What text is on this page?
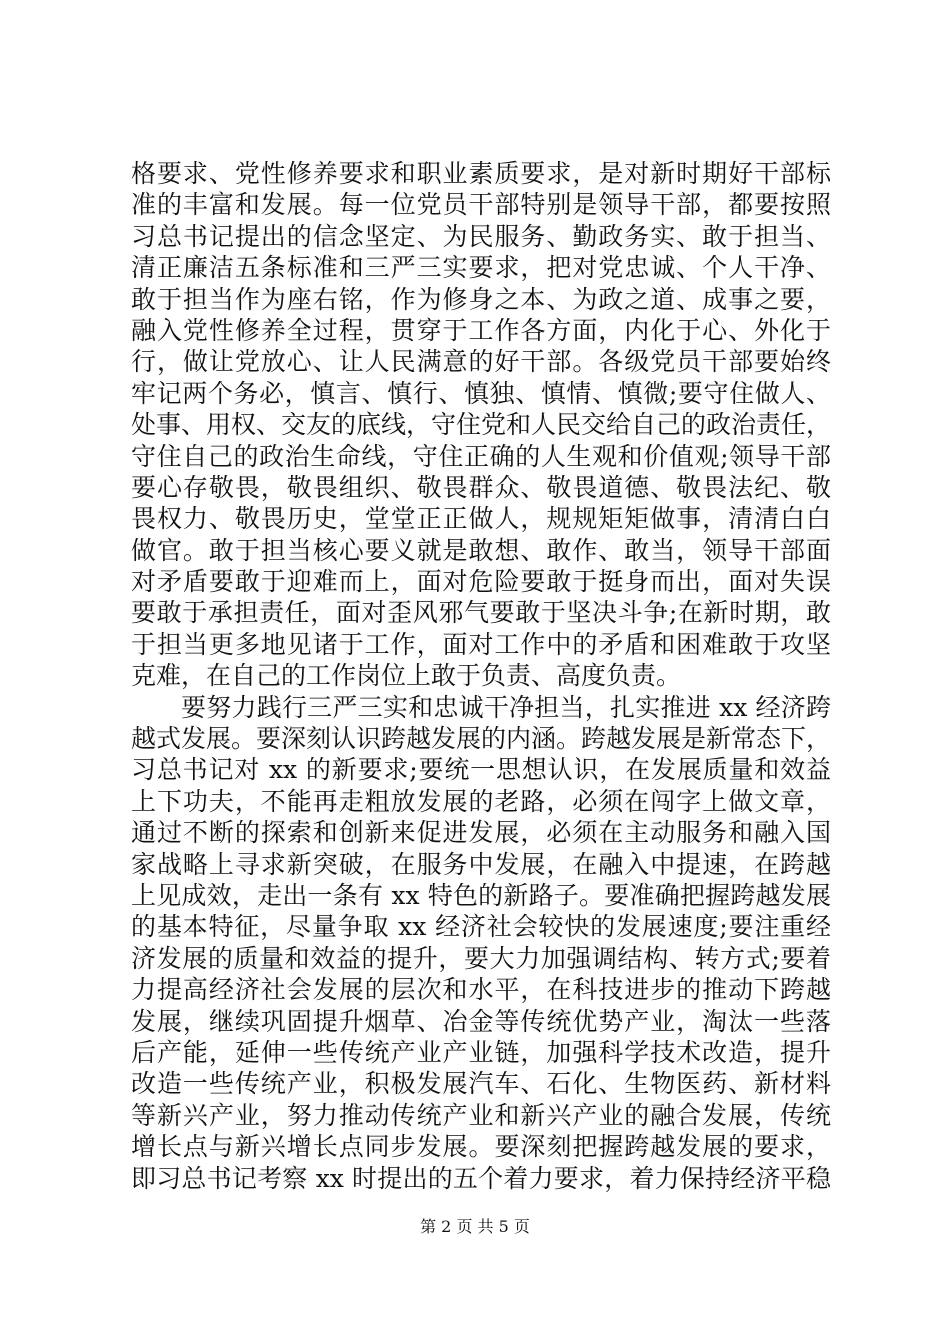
格要求、党性修养要求和职业素质要求，是对新时期好干部标
准的丰富和发展。每一位党员干部特别是领导干部，都要按照
习总书记提出的信念坚定、为民服务、勤政务实、敢于担当、
清正廉洁五条标准和三严三实要求，把对党忠诚、个人干净、
敢于担当作为座右铭，作为修身之本、为政之道、成事之要，
融入党性修养全过程，贯穿于工作各方面，内化于心、外化于
行，做让党放心、让人民满意的好干部。各级党员干部要始终
牢记两个务必，慎言、慎行、慎独、慎情、慎微;要守住做人、
处事、用权、交友的底线，守住党和人民交给自己的政治责任，
守住自己的政治生命线，守住正确的人生观和价值观;领导干部
要心存敬畏，敬畏组织、敬畏群众、敬畏道德、敬畏法纪、敬
畏权力、敬畏历史，堂堂正正做人，规规矩矩做事，清清白白
做官。敢于担当核心要义就是敢想、敢作、敢当，领导干部面
对矛盾要敢于迎难而上，面对危险要敢于挺身而出，面对失误
要敢于承担责任，面对歪风邪气要敢于坚决斗争;在新时期，敢
于担当更多地见诸于工作，面对工作中的矛盾和困难敢于攻坚
克难，在自己的工作岗位上敢于负责、高度负责。
要努力践行三严三实和忠诚干净担当，扎实推进 xx 经济跨
越式发展。要深刻认识跨越发展的内涵。跨越发展是新常态下，
习总书记对 xx 的新要求;要统一思想认识，在发展质量和效益
上下功夫，不能再走粗放发展的老路，必须在闯字上做文章，
通过不断的探索和创新来促进发展，必须在主动服务和融入国
家战略上寻求新突破，在服务中发展，在融入中提速，在跨越
上见成效，走出一条有 xx 特色的新路子。要准确把握跨越发展
的基本特征，尽量争取 xx 经济社会较快的发展速度;要注重经
济发展的质量和效益的提升，要大力加强调结构、转方式;要着
力提高经济社会发展的层次和水平，在科技进步的推动下跨越
发展，继续巩固提升烟草、冶金等传统优势产业，淘汰一些落
后产能，延伸一些传统产业产业链，加强科学技术改造，提升
改造一些传统产业，积极发展汽车、石化、生物医药、新材料
等新兴产业，努力推动传统产业和新兴产业的融合发展，传统
增长点与新兴增长点同步发展。要深刻把握跨越发展的要求，
即习总书记考察 xx 时提出的五个着力要求，着力保持经济平稳
第 2 页 共 5 页
